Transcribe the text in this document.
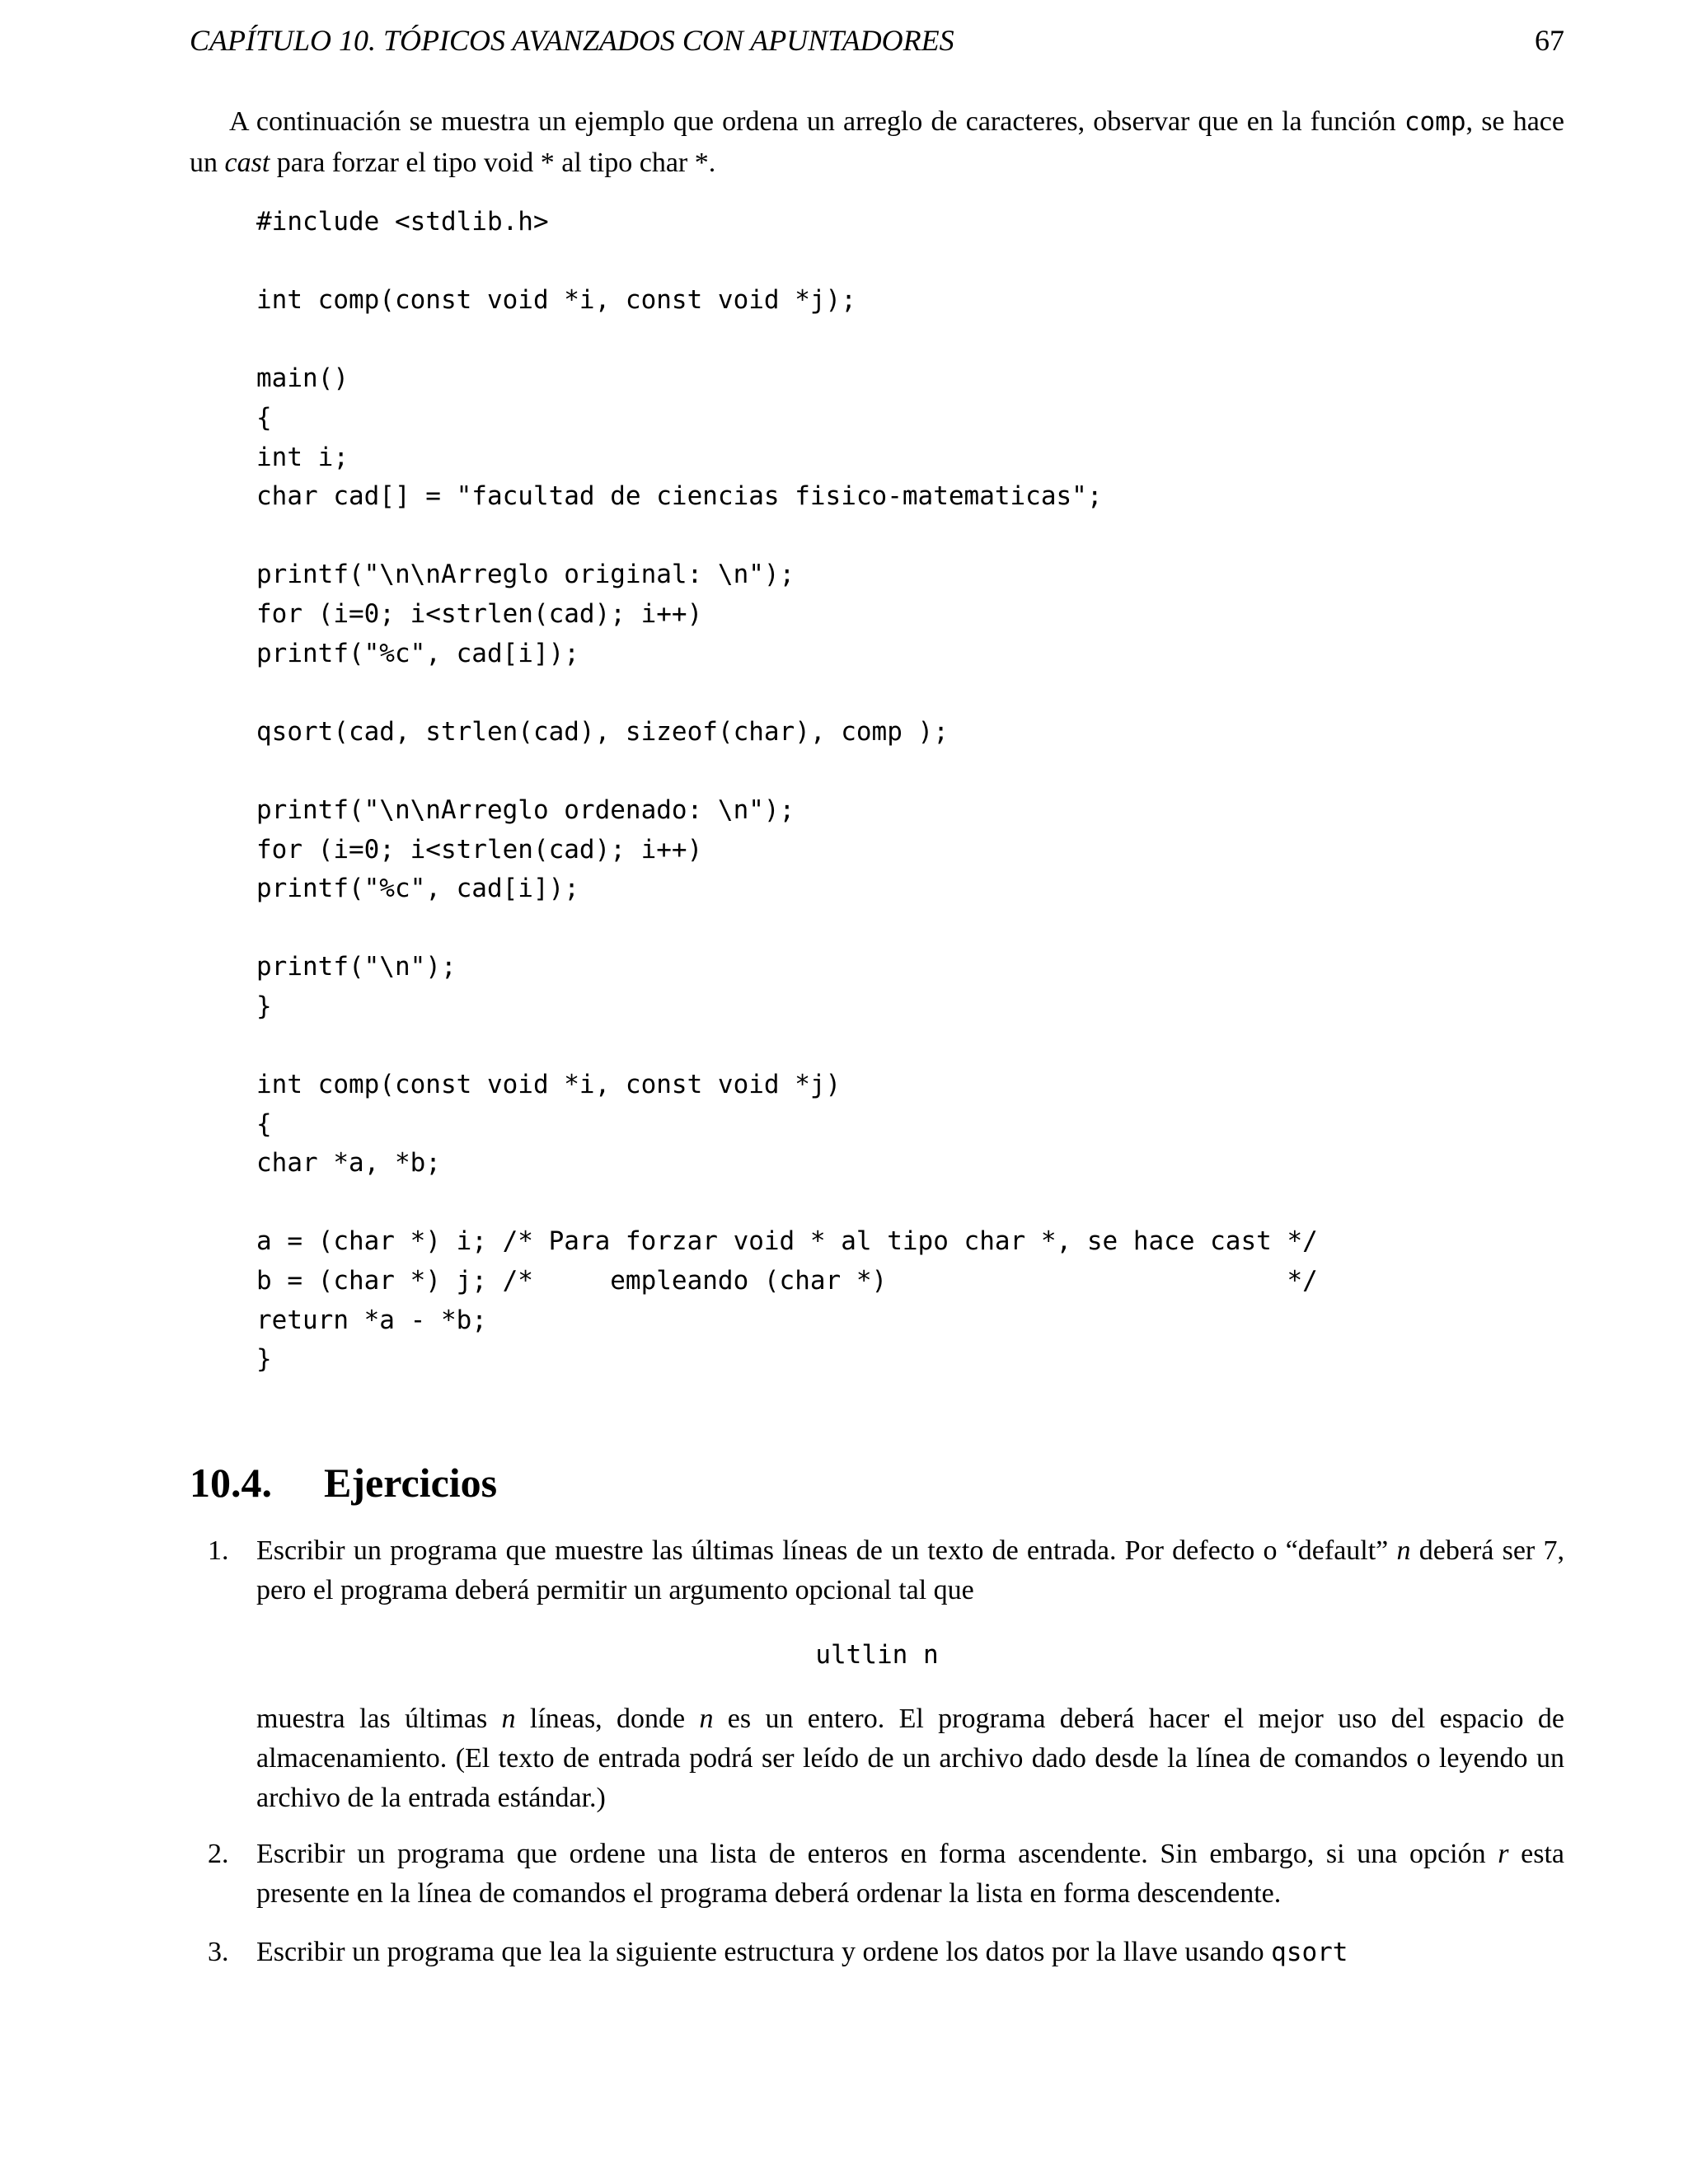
CAPÍTULO 10. TÓPICOS AVANZADOS CON APUNTADORES	67

A continuación se muestra un ejemplo que ordena un arreglo de caracteres, observar que en la función comp, se hace un cast para forzar el tipo void * al tipo char *.

#include <stdlib.h>

int comp(const void *i, const void *j);

main()
{
int i;
char cad[] = "facultad de ciencias fisico-matematicas";

printf("\n\nArreglo original: \n");
for (i=0; i<strlen(cad); i++)
printf("%c", cad[i]);

qsort(cad, strlen(cad), sizeof(char), comp );

printf("\n\nArreglo ordenado: \n");
for (i=0; i<strlen(cad); i++)
printf("%c", cad[i]);

printf("\n");
}

int comp(const void *i, const void *j)
{
char *a, *b;

a = (char *) i; /* Para forzar void * al tipo char *, se hace cast */
b = (char *) j; /*     empleando (char *)                          */
return *a - *b;
}
10.4.	Ejercicios
1. Escribir un programa que muestre las últimas líneas de un texto de entrada. Por defecto o “default” n deberá ser 7, pero el programa deberá permitir un argumento opcional tal que
ultlin n
muestra las últimas n líneas, donde n es un entero. El programa deberá hacer el mejor uso del espacio de almacenamiento. (El texto de entrada podrá ser leído de un archivo dado desde la línea de comandos o leyendo un archivo de la entrada estándar.)
2. Escribir un programa que ordene una lista de enteros en forma ascendente. Sin embargo, si una opción r esta presente en la línea de comandos el programa deberá ordenar la lista en forma descendente.
3. Escribir un programa que lea la siguiente estructura y ordene los datos por la llave usando qsort
